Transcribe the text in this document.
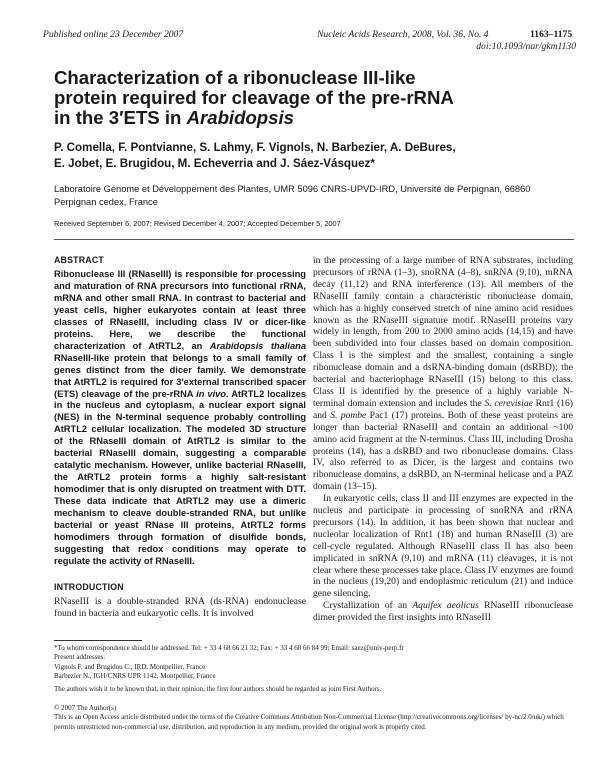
Published online 23 December 2007	Nucleic Acids Research, 2008, Vol. 36, No. 4	1163–1175
doi:10.1093/nar/gkm1130
Characterization of a ribonuclease III-like
protein required for cleavage of the pre-rRNA
in the 3′ETS in Arabidopsis

P. Comella, F. Pontvianne, S. Lahmy, F. Vignols, N. Barbezier, A. DeBures,
E. Jobet, E. Brugidou, M. Echeverria and J. Sáez-Vásquez*

Laboratoire Génome et Développement des Plantes, UMR 5096 CNRS-UPVD-IRD, Université de Perpignan, 66860
Perpignan cedex, France

Received September 6, 2007; Revised December 4, 2007; Accepted December 5, 2007

ABSTRACT

Ribonuclease III (RNaseIII) is responsible for processing and maturation of RNA precursors into functional rRNA, mRNA and other small RNA. In contrast to bacterial and yeast cells, higher eukaryotes contain at least three classes of RNaseIII, including class IV or dicer-like proteins. Here, we describe the functional characterization of AtRTL2, an Arabidopsis thaliana RNaseIII-like protein that belongs to a small family of genes distinct from the dicer family. We demonstrate that AtRTL2 is required for 3′external transcribed spacer (ETS) cleavage of the pre-rRNA in vivo. AtRTL2 localizes in the nucleus and cytoplasm, a nuclear export signal (NES) in the N-terminal sequence probably controlling AtRTL2 cellular localization. The modeled 3D structure of the RNaseIII domain of AtRTL2 is similar to the bacterial RNaseIII domain, suggesting a comparable catalytic mechanism. However, unlike bacterial RNaseIII, the AtRTL2 protein forms a highly salt-resistant homodimer that is only disrupted on treatment with DTT. These data indicate that AtRTL2 may use a dimeric mechanism to cleave double-stranded RNA, but unlike bacterial or yeast RNase III proteins, AtRTL2 forms homodimers through formation of disulfide bonds, suggesting that redox conditions may operate to regulate the activity of RNaseIII.

INTRODUCTION

RNaseIII is a double-stranded RNA (ds-RNA) endonuclease found in bacteria and eukaryotic cells. It is involved

in the processing of a large number of RNA substrates, including precursors of rRNA (1–3), snoRNA (4–8), snRNA (9,10), mRNA decay (11,12) and RNA interference (13). All members of the RNaseIII family contain a characteristic ribonuclease domain, which has a highly conserved stretch of nine amino acid residues known as the RNaseIII signature motif. RNaseIII proteins vary widely in length, from 200 to 2000 amino acids (14,15) and have been subdivided into four classes based on domain composition. Class I is the simplest and the smallest, containing a single ribonuclease domain and a dsRNA-binding domain (dsRBD); the bacterial and bacteriophage RNaseIII (15) belong to this class. Class II is identified by the presence of a highly variable N-terminal domain extension and includes the S. cerevisiae Rnt1 (16) and S. pombe Pac1 (17) proteins. Both of these yeast proteins are longer than bacterial RNaseIII and contain an additional ~100 amino acid fragment at the N-terminus. Class III, including Drosha proteins (14), has a dsRBD and two ribonuclease domains. Class IV, also referred to as Dicer, is the largest and contains two ribonuclease domains, a dsRBD, an N-terminal helicase and a PAZ domain (13–15).

In eukaryotic cells, class II and III enzymes are expected in the nucleus and participate in processing of snoRNA and rRNA precursors (14). In addition, it has been shown that nuclear and nucleolar localization of Rnt1 (18) and human RNaseIII (3) are cell-cycle regulated. Although RNaseIII class II has also been implicated in snRNA (9,10) and mRNA (11) cleavages, it is not clear where these processes take place. Class IV enzymes are found in the nucleus (19,20) and endoplasmic reticulum (21) and induce gene silencing.

Crystallization of an Aquifex aeolicus RNaseIII ribonuclease dimer provided the first insights into RNaseIII

*To whom correspondence should be addressed. Tel: + 33 4 68 66 21 32; Fax: + 33 4 68 66 84 99; Email: saez@univ-perp.fr
Present addresses:
Vignols F. and Brugidou C., IRD, Montpellier, France
Barbezier N., IGH/CNRS UPR 1142, Montpellier, France
The authors wish it to be known that, in their opinion, the first four authors should be regarded as joint First Authors.
© 2007 The Author(s)
This is an Open Access article distributed under the terms of the Creative Commons Attribution Non-Commercial License (http://creativecommons.org/licenses/ by-nc/2.0/uk/) which permits unrestricted non-commercial use, distribution, and reproduction in any medium, provided the original work is properly cited.
